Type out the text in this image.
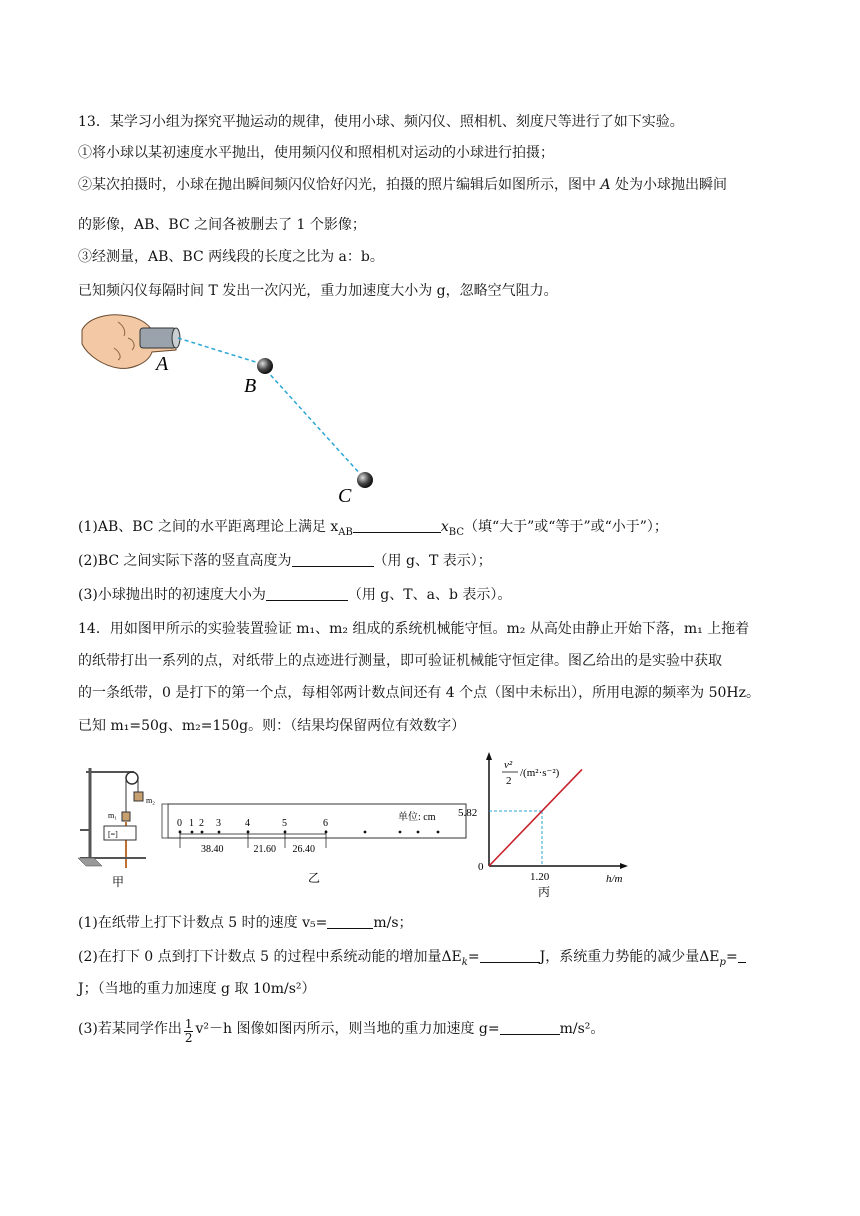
13．某学习小组为探究平抛运动的规律，使用小球、频闪仪、照相机、刻度尺等进行了如下实验。
①将小球以某初速度水平抛出，使用频闪仪和照相机对运动的小球进行拍摄；
②某次拍摄时，小球在抛出瞬间频闪仪恰好闪光，拍摄的照片编辑后如图所示，图中 A 处为小球抛出瞬间
的影像，AB、BC 之间各被删去了 1 个影像；
③经测量，AB、BC 两线段的长度之比为 a：b。
已知频闪仪每隔时间 T 发出一次闪光，重力加速度大小为 g，忽略空气阻力。
A
B
C
(1)AB、BC 之间的水平距离理论上满足 $x_{AB}$	$x_{BC}$（填“大于”或“等于”或“小于”）；
(2)BC 之间实际下落的竖直高度为	（用 g、T 表示）；
(3)小球抛出时的初速度大小为	（用 g、T、a、b 表示）。
14．用如图甲所示的实验装置验证 m₁、m₂ 组成的系统机械能守恒。m₂ 从高处由静止开始下落，m₁ 上拖着
的纸带打出一系列的点，对纸带上的点迹进行测量，即可验证机械能守恒定律。图乙给出的是实验中获取
的一条纸带，0 是打下的第一个点，每相邻两计数点间还有 4 个点（图中未标出），所用电源的频率为 50Hz。
已知 m₁=50g、m₂=150g。则：（结果均保留两位有效数字）
m₂
m₁
[=]
甲
0 1 2 3 4	5	6
38.40	21.60 26.40
单位: cm
乙
v²
2
/(m²·s⁻²)
5.82
0
1.20	h/m
丙
(1)在纸带上打下计数点 5 时的速度 v₅=	m/s；
(2)在打下 0 点到打下计数点 5 的过程中系统动能的增加量$\Delta E_k=$	J，系统重力势能的减少量$\Delta E_p=$
J；（当地的重力加速度 g 取 10m/s²）
(3)若某同学作出 $\frac{1}{2} v^2-h$ 图像如图丙所示，则当地的重力加速度 g=	m/s²。
